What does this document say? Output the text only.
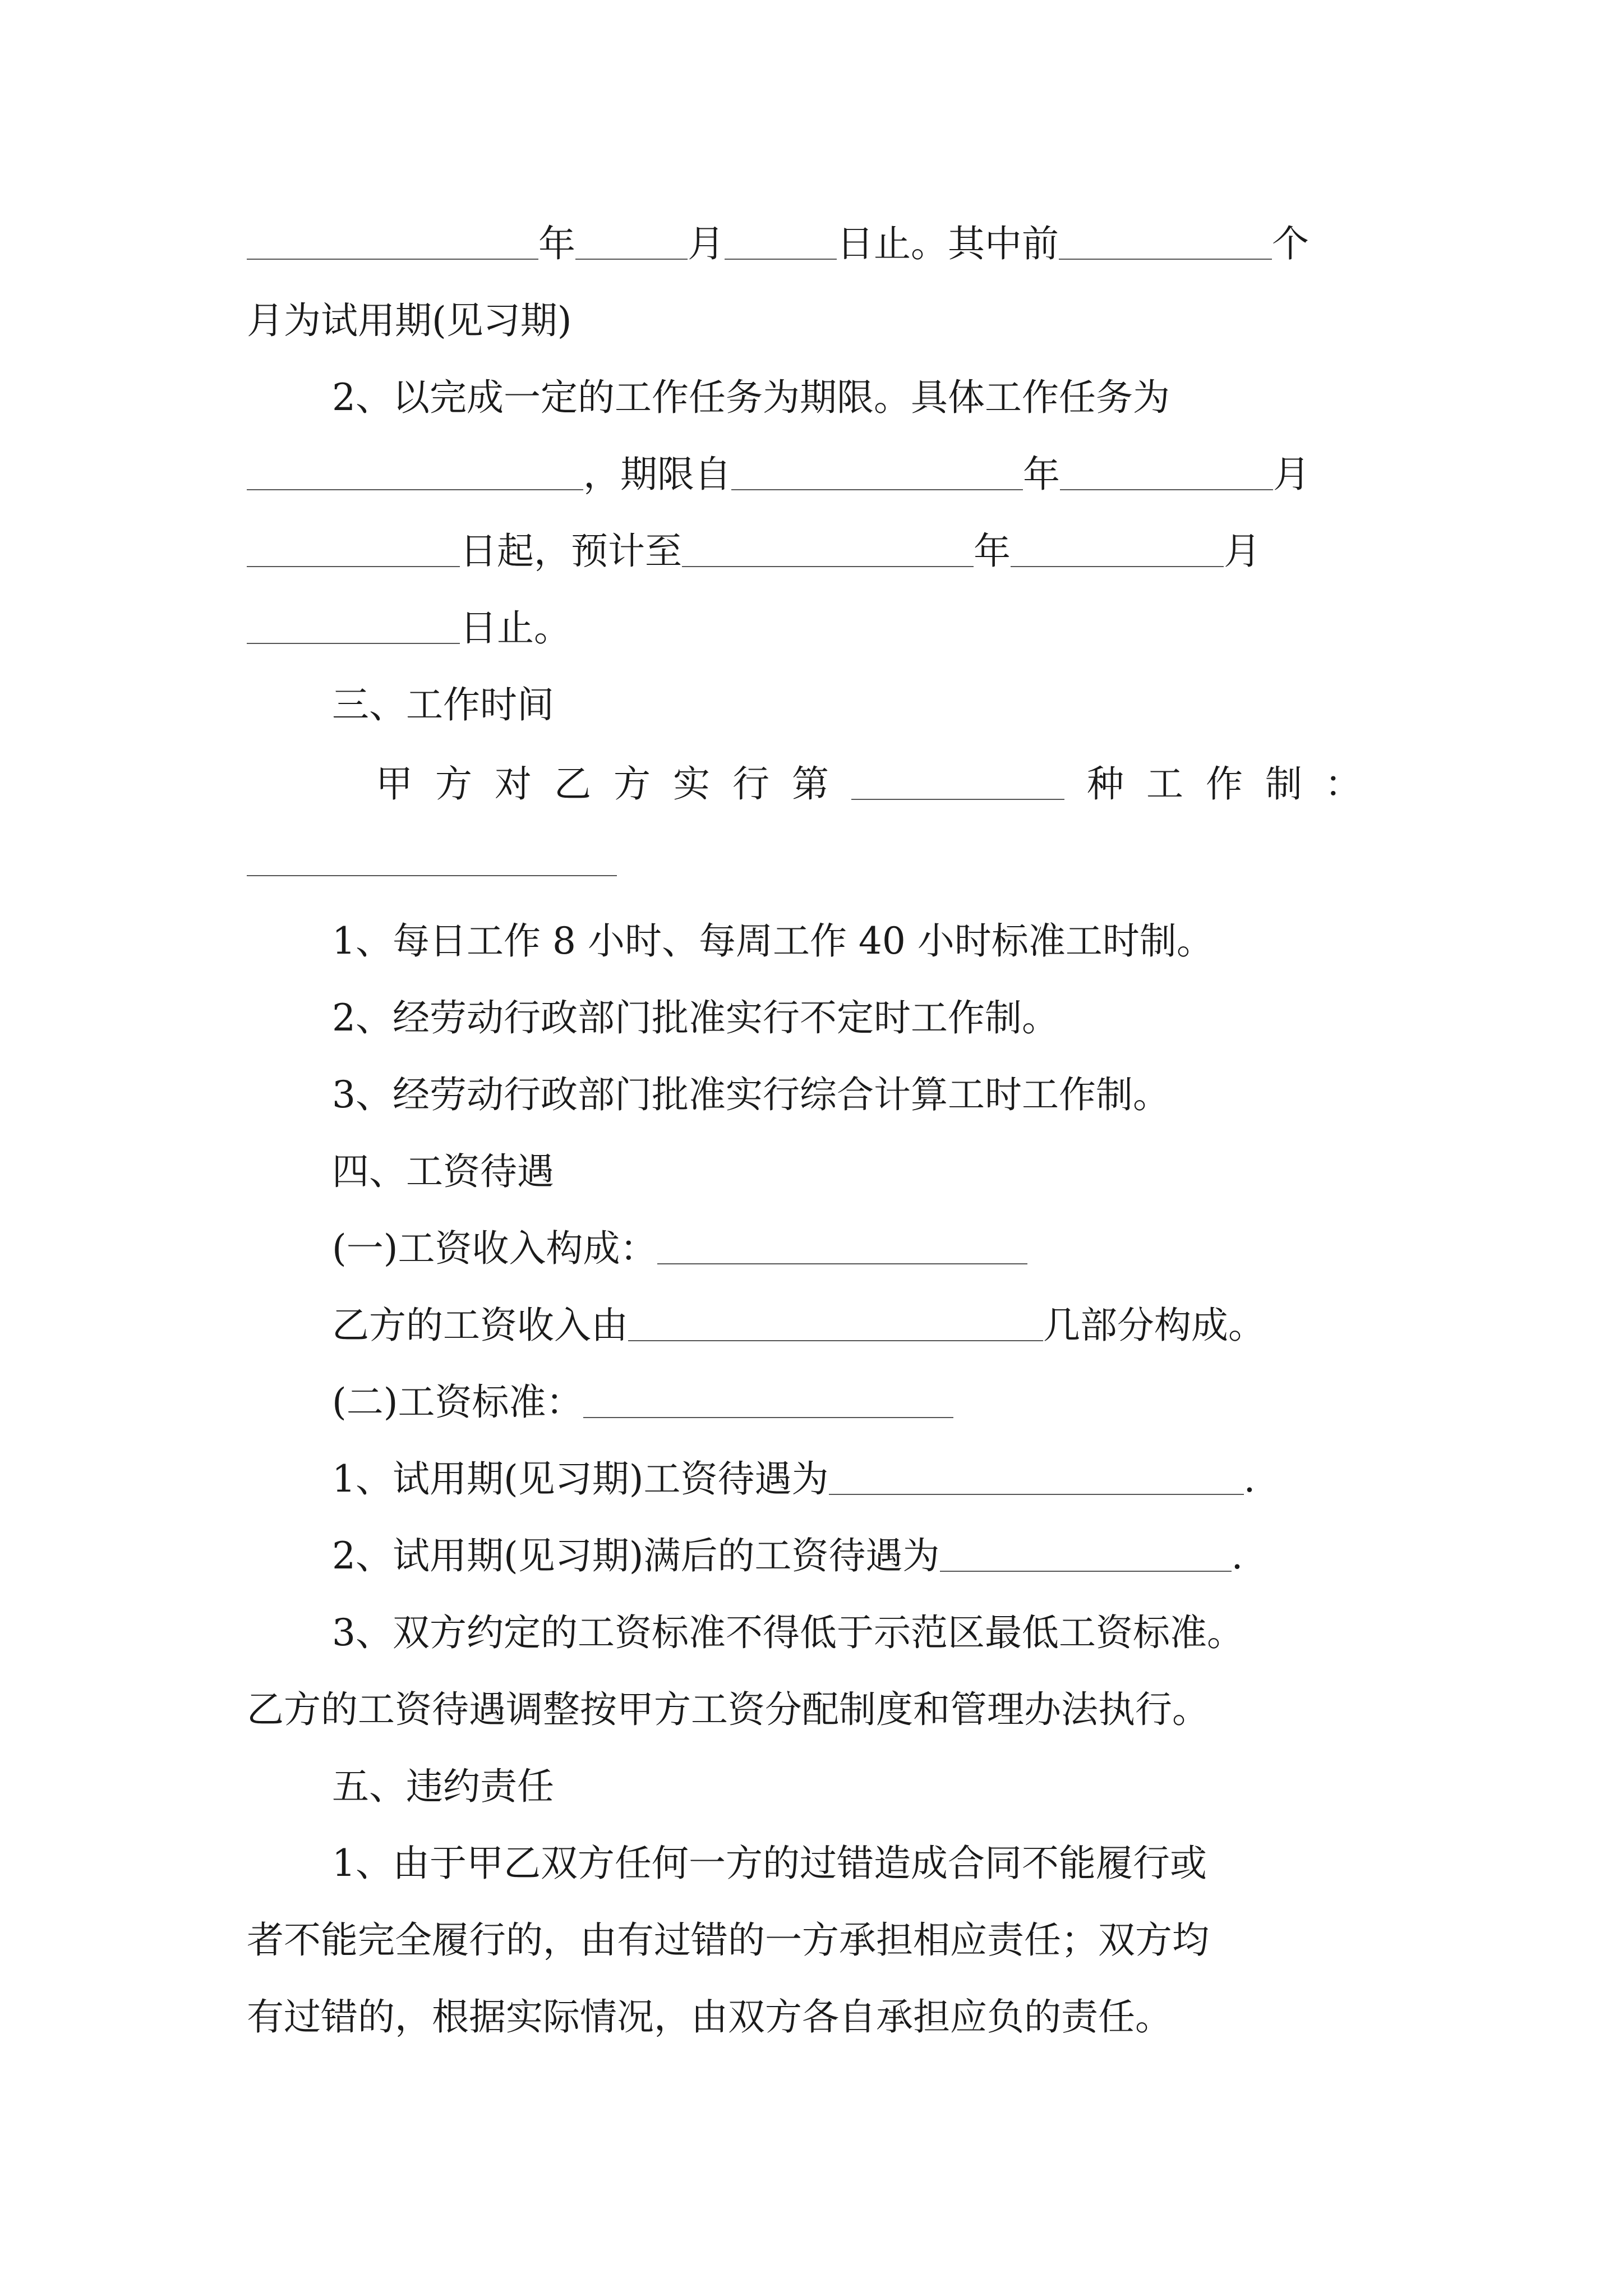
年	月	日止。其中前	个
月为试用期(见习期)
2、以完成一定的工作任务为期限。具体工作任务为
，期限自	年	月
日起，预计至	年	月
日止。
三、工作时间
甲方对乙方实行第	种工作制：
1、每日工作 8 小时、每周工作 40 小时标准工时制。
2、经劳动行政部门批准实行不定时工作制。
3、经劳动行政部门批准实行综合计算工时工作制。
四、工资待遇
(一)工资收入构成：
乙方的工资收入由	几部分构成。
(二)工资标准：
1、试用期(见习期)工资待遇为	.
2、试用期(见习期)满后的工资待遇为	.
3、双方约定的工资标准不得低于示范区最低工资标准。
乙方的工资待遇调整按甲方工资分配制度和管理办法执行。
五、违约责任
1、由于甲乙双方任何一方的过错造成合同不能履行或
者不能完全履行的，由有过错的一方承担相应责任；双方均
有过错的，根据实际情况，由双方各自承担应负的责任。
